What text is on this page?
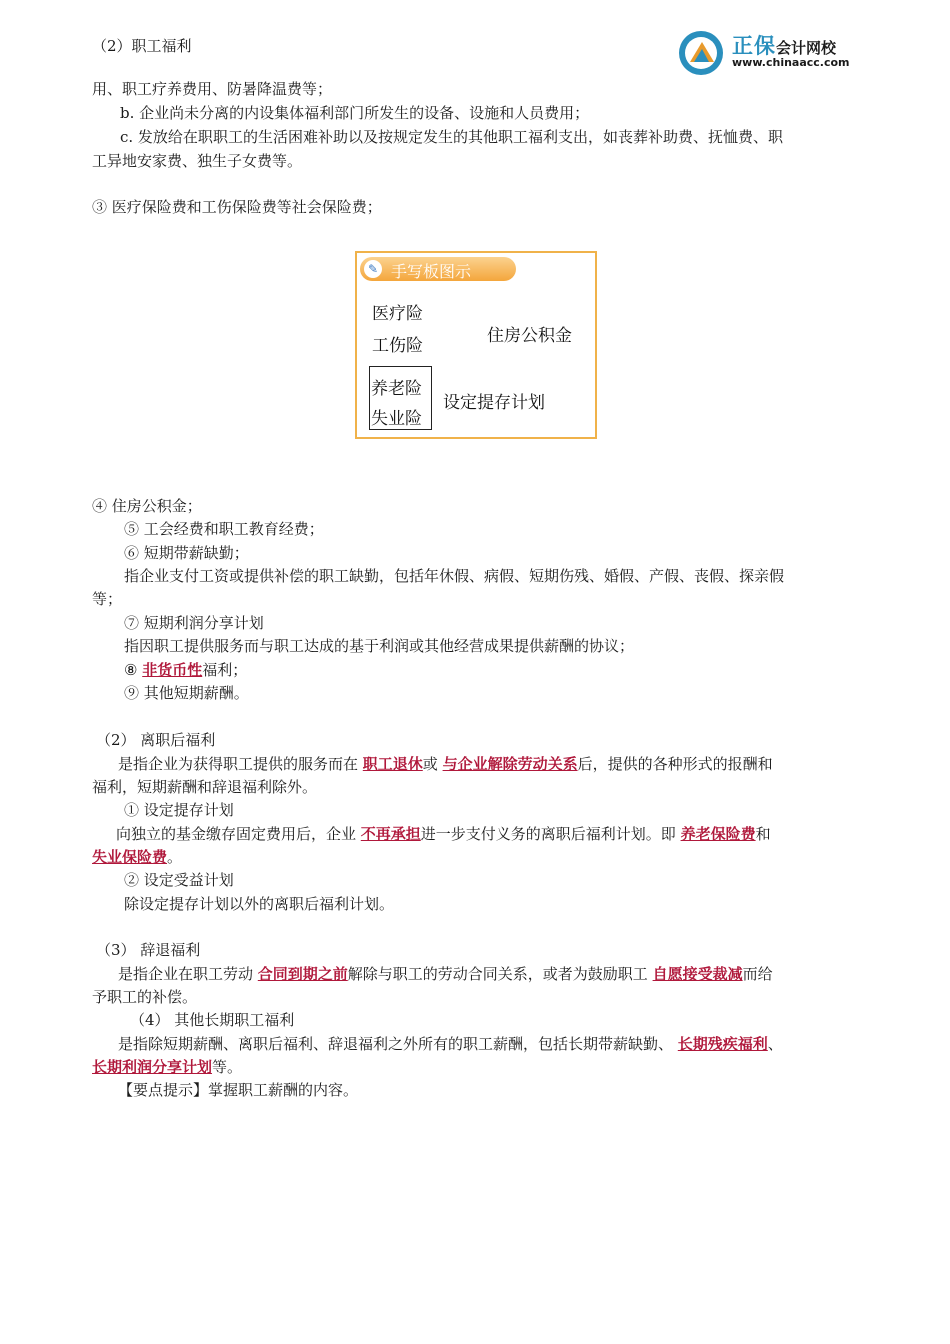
正保会计网校
www.chinaacc.com
（2）职工福利
用、职工疗养费用、防暑降温费等；
b. 企业尚未分离的内设集体福利部门所发生的设备、设施和人员费用；
c. 发放给在职职工的生活困难补助以及按规定发生的其他职工福利支出，如丧葬补助费、抚恤费、职
工异地安家费、独生子女费等。
③ 医疗保险费和工伤保险费等社会保险费；
✎ 手写板图示
医疗险
工伤险	住房公积金
养老险
失业险
设定提存计划
④ 住房公积金；
⑤ 工会经费和职工教育经费；
⑥ 短期带薪缺勤；
指企业支付工资或提供补偿的职工缺勤，包括年休假、病假、短期伤残、婚假、产假、丧假、探亲假
等；
⑦ 短期利润分享计划
指因职工提供服务而与职工达成的基于利润或其他经营成果提供薪酬的协议；
⑧ 非货币性福利；
⑨ 其他短期薪酬。
（2） 离职后福利
是指企业为获得职工提供的服务而在 职工退休或 与企业解除劳动关系后，提供的各种形式的报酬和
福利，短期薪酬和辞退福利除外。
① 设定提存计划
向独立的基金缴存固定费用后，企业 不再承担进一步支付义务的离职后福利计划。即 养老保险费和
失业保险费。
② 设定受益计划
除设定提存计划以外的离职后福利计划。
（3） 辞退福利
是指企业在职工劳动 合同到期之前解除与职工的劳动合同关系，或者为鼓励职工 自愿接受裁减而给
予职工的补偿。
（4） 其他长期职工福利
是指除短期薪酬、离职后福利、辞退福利之外所有的职工薪酬，包括长期带薪缺勤、 长期残疾福利、
长期利润分享计划等。
【要点提示】掌握职工薪酬的内容。
